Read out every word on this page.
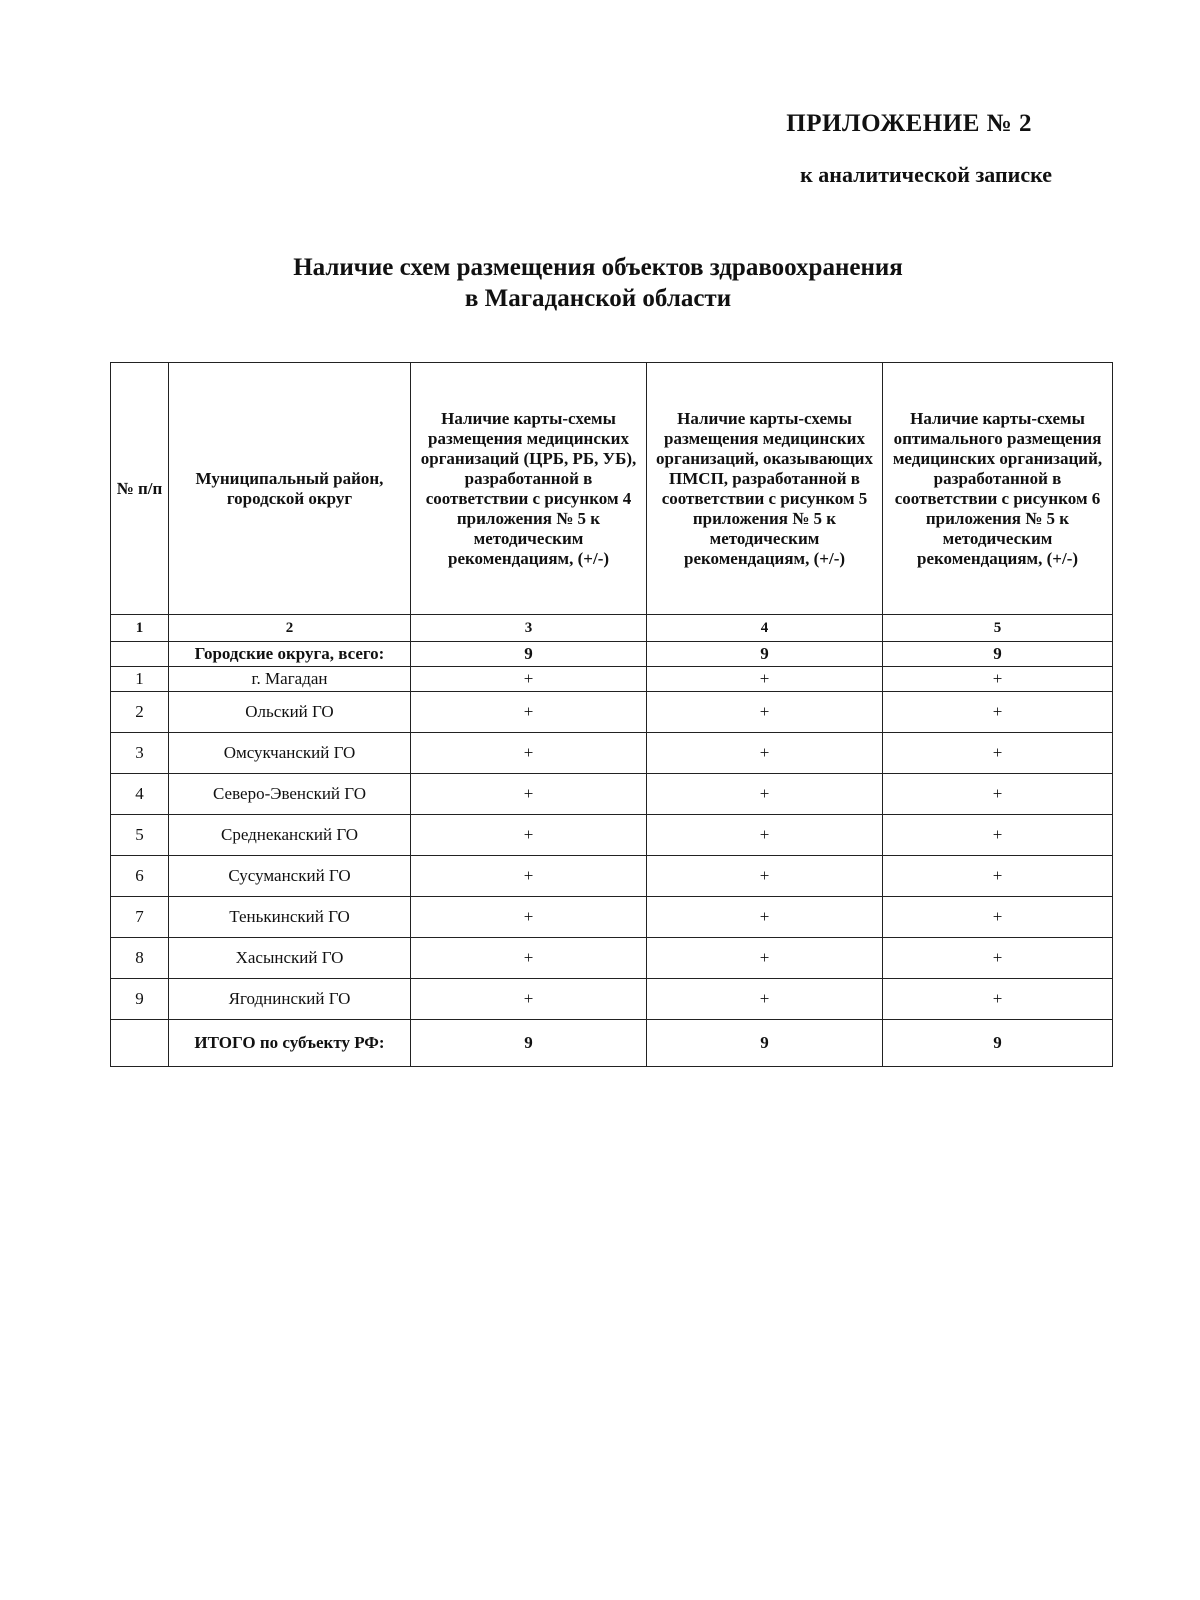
ПРИЛОЖЕНИЕ № 2
к аналитической записке
Наличие схем размещения объектов здравоохранения
в Магаданской области
№ п/п	Муниципальный район, городской округ	Наличие карты-схемы размещения медицинских организаций (ЦРБ, РБ, УБ), разработанной в соответствии с рисунком 4 приложения № 5 к методическим рекомендациям, (+/-)	Наличие карты-схемы размещения медицинских организаций, оказывающих ПМСП, разработанной в соответствии с рисунком 5 приложения № 5 к методическим рекомендациям, (+/-)	Наличие карты-схемы оптимального размещения медицинских организаций, разработанной в соответствии с рисунком 6 приложения № 5 к методическим рекомендациям, (+/-)
1	2	3	4	5
	Городские округа, всего:	9	9	9
1	г. Магадан	+	+	+
2	Ольский ГО	+	+	+
3	Омсукчанский ГО	+	+	+
4	Северо-Эвенский ГО	+	+	+
5	Среднеканский ГО	+	+	+
6	Сусуманский ГО	+	+	+
7	Тенькинский ГО	+	+	+
8	Хасынский ГО	+	+	+
9	Ягоднинский ГО	+	+	+
	ИТОГО по субъекту РФ:	9	9	9
